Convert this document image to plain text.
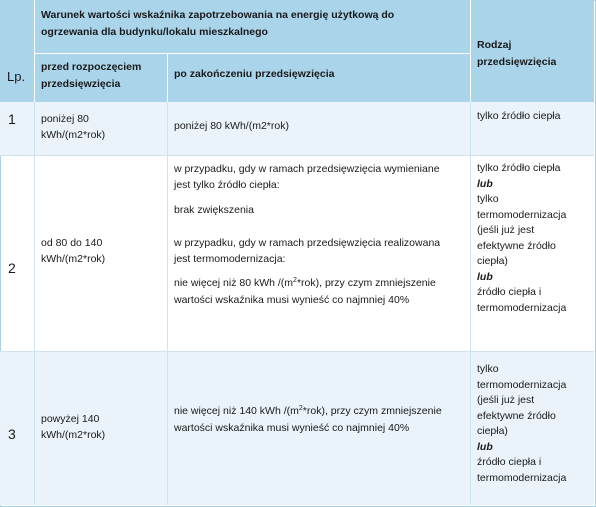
Lp.
Warunek wartości wskaźnika zapotrzebowania na energię użytkową do ogrzewania dla budynku/lokalu mieszkalnego
przed rozpoczęciem przedsięwzięcia
po zakończeniu przedsięwzięcia
Rodzaj przedsięwzięcia
1 poniżej 80 kWh/(m2*rok)
poniżej 80 kWh/(m2*rok)
tylko źródło ciepła
2
od 80 do 140 kWh/(m2*rok)

w przypadku, gdy w ramach przedsięwzięcia wymieniane jest tylko źródło ciepła:

brak zwiększenia

w przypadku, gdy w ramach przedsięwzięcia realizowana jest termomodernizacja:

nie więcej niż 80 kWh $/(m^2*rok)$, przy czym zmniejszenie wartości wskaźnika musi wynieść co najmniej 40%

tylko źródło ciepła
lub
tylko termomodernizacja (jeśli już jest efektywne źródło ciepła)
lub
źródło ciepła i termomodernizacja
3
powyżej 140 kWh/(m2*rok)

nie więcej niż 140 kWh $/(m^2*rok)$, przy czym zmniejszenie wartości wskaźnika musi wynieść co najmniej 40%

tylko termomodernizacja (jeśli już jest efektywne źródło ciepła)
lub
źródło ciepła i termomodernizacja
